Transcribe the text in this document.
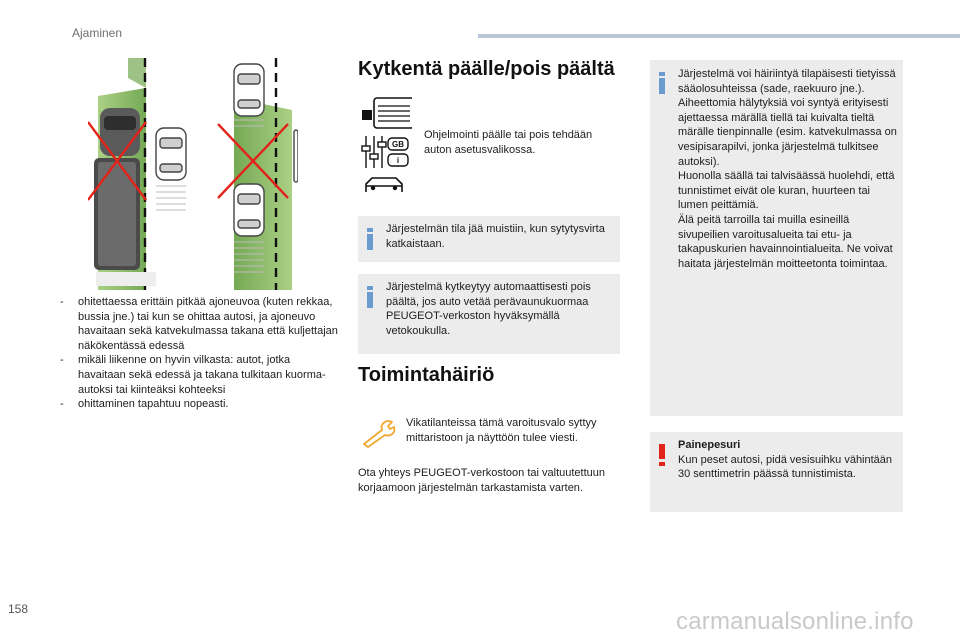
Ajaminen
- ohitettaessa erittäin pitkää ajoneuvoa (kuten rekkaa, bussia jne.) tai kun se ohittaa autosi, ja ajoneuvo havaitaan sekä katvekulmassa takana että kuljettajan näkökentässä edessä
- mikäli liikenne on hyvin vilkasta: autot, jotka havaitaan sekä edessä ja takana tulkitaan kuorma-autoksi tai kiinteäksi kohteeksi
- ohittaminen tapahtuu nopeasti.
Kytkentä päälle/pois päältä
GB
i
Ohjelmointi päälle tai pois tehdään auton asetusvalikossa.
Järjestelmän tila jää muistiin, kun sytytysvirta katkaistaan.
Järjestelmä kytkeytyy automaattisesti pois päältä, jos auto vetää perävaunukuormaa PEUGEOT-verkoston hyväksymällä vetokoukulla.
Toimintahäiriö
Vikatilanteissa tämä varoitusvalo syttyy mittaristoon ja näyttöön tulee viesti.
Ota yhteys PEUGEOT-verkostoon tai valtuutettuun korjaamoon järjestelmän tarkastamista varten.
Järjestelmä voi häiriintyä tilapäisesti tietyissä sääolosuhteissa (sade, raekuuro jne.).
Aiheettomia hälytyksiä voi syntyä erityisesti ajettaessa märällä tiellä tai kuivalta tieltä märälle tienpinnalle (esim. katvekulmassa on vesipisarapilvi, jonka järjestelmä tulkitsee autoksi).
Huonolla säällä tai talvisäässä huolehdi, että tunnistimet eivät ole kuran, huurteen tai lumen peittämiä.
Älä peitä tarroilla tai muilla esineillä sivupeilien varoitusalueita tai etu- ja takapuskurien havainnointialueita. Ne voivat haitata järjestelmän moitteetonta toimintaa.
Painepesuri
Kun peset autosi, pidä vesisuihku vähintään 30 senttimetrin päässä tunnistimista.
158	carmanualsonline.info
